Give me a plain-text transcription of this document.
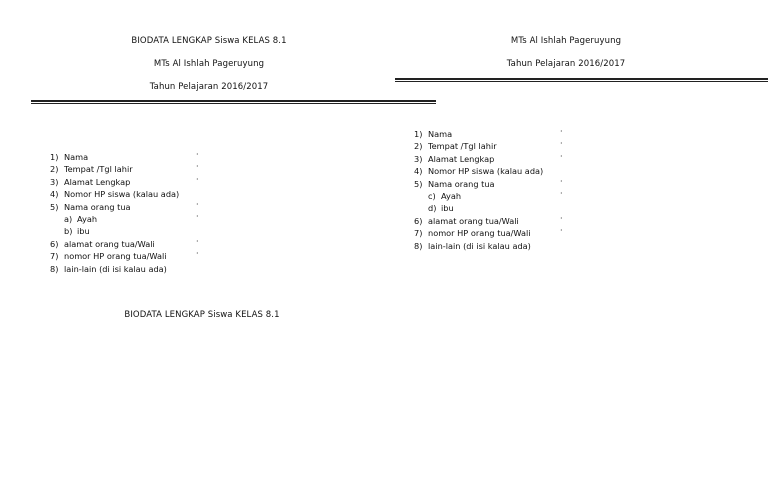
BIODATA LENGKAP Siswa KELAS 8.1
MTs Al Ishlah Pageruyung
Tahun Pelajaran 2016/2017
1) Nama	·
2) Tempat /Tgl lahir	·
3) Alamat Lengkap	·
4) Nomor HP siswa (kalau ada)
5) Nama orang tua	·
a) Ayah	·
b) ibu
6) alamat orang tua/Wali	·
7) nomor HP orang tua/Wali	·
8) lain-lain (di isi kalau ada)
BIODATA LENGKAP Siswa KELAS 8.1
MTs Al Ishlah Pageruyung
Tahun Pelajaran 2016/2017
1) Nama	·
2) Tempat /Tgl lahir	·
3) Alamat Lengkap	·
4) Nomor HP siswa (kalau ada)
5) Nama orang tua	·
c) Ayah	·
d) ibu
6) alamat orang tua/Wali	·
7) nomor HP orang tua/Wali	·
8) lain-lain (di isi kalau ada)
